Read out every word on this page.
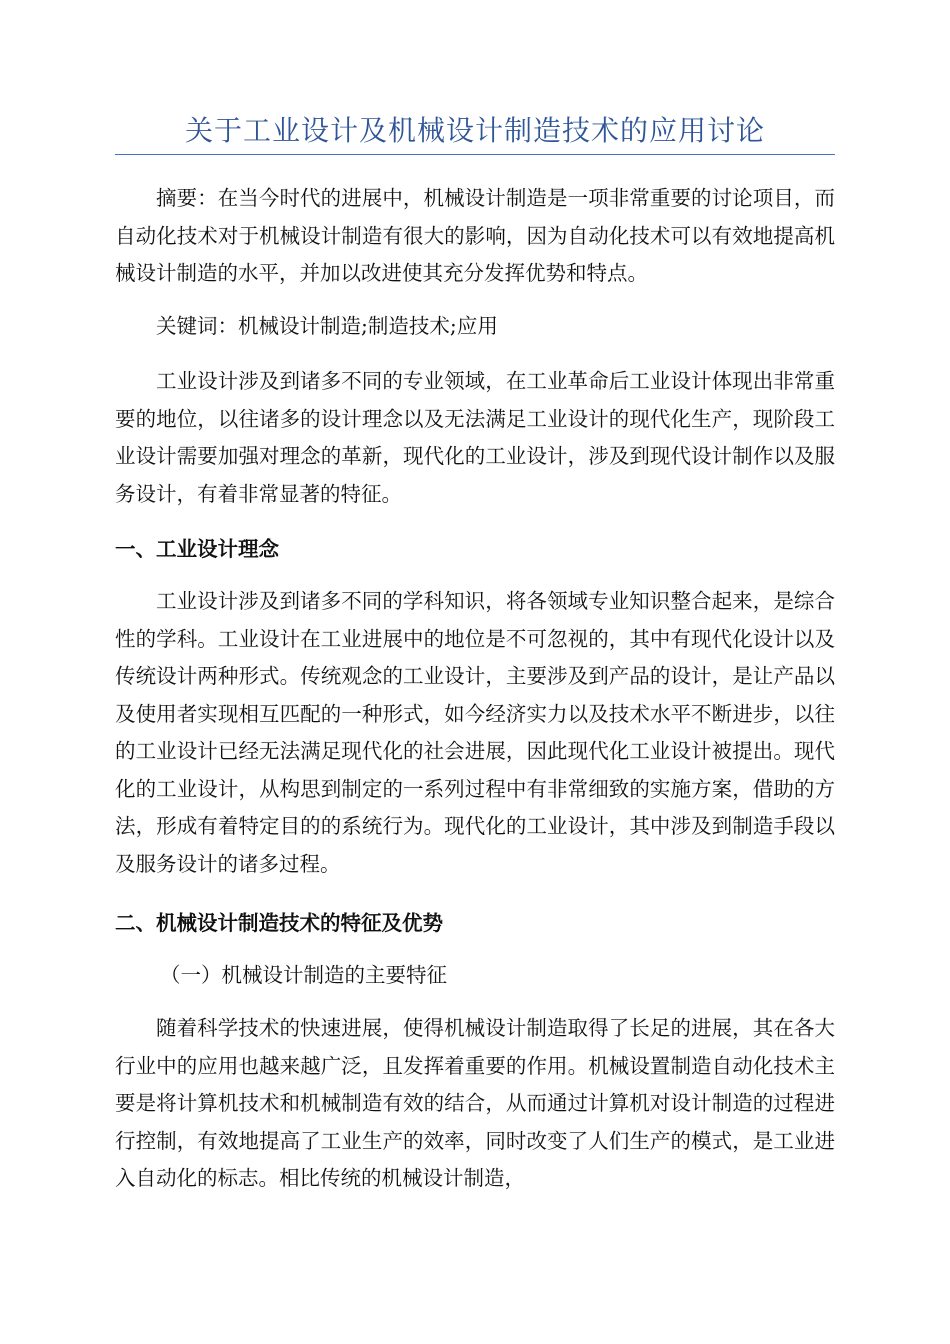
关于工业设计及机械设计制造技术的应用讨论
摘要：在当今时代的进展中，机械设计制造是一项非常重要的讨论项目，而自动化技术对于机械设计制造有很大的影响，因为自动化技术可以有效地提高机械设计制造的水平，并加以改进使其充分发挥优势和特点。
关键词：机械设计制造;制造技术;应用
工业设计涉及到诸多不同的专业领域，在工业革命后工业设计体现出非常重要的地位，以往诸多的设计理念以及无法满足工业设计的现代化生产，现阶段工业设计需要加强对理念的革新，现代化的工业设计，涉及到现代设计制作以及服务设计，有着非常显著的特征。
一、工业设计理念
工业设计涉及到诸多不同的学科知识，将各领域专业知识整合起来，是综合性的学科。工业设计在工业进展中的地位是不可忽视的，其中有现代化设计以及传统设计两种形式。传统观念的工业设计，主要涉及到产品的设计，是让产品以及使用者实现相互匹配的一种形式，如今经济实力以及技术水平不断进步，以往的工业设计已经无法满足现代化的社会进展，因此现代化工业设计被提出。现代化的工业设计，从构思到制定的一系列过程中有非常细致的实施方案，借助的方法，形成有着特定目的的系统行为。现代化的工业设计，其中涉及到制造手段以及服务设计的诸多过程。
二、机械设计制造技术的特征及优势
（一）机械设计制造的主要特征
随着科学技术的快速进展，使得机械设计制造取得了长足的进展，其在各大行业中的应用也越来越广泛，且发挥着重要的作用。机械设置制造自动化技术主要是将计算机技术和机械制造有效的结合，从而通过计算机对设计制造的过程进行控制，有效地提高了工业生产的效率，同时改变了人们生产的模式，是工业进入自动化的标志。相比传统的机械设计制造，
